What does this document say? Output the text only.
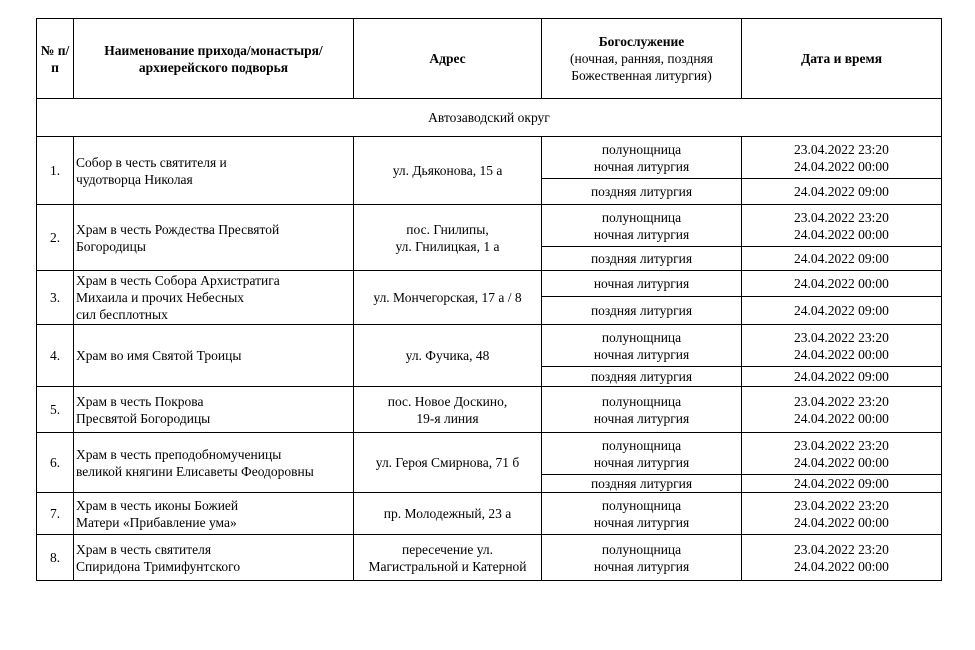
№ п/п	Наименование прихода/монастыря/
архиерейского подворья	Адрес	Богослужение
(ночная, ранняя, поздняя
Божественная литургия)	Дата и время
Автозаводский округ				
1.	Собор в честь святителя и
чудотворца Николая	ул. Дьяконова, 15 а	полунощница
ночная литургия	23.04.2022 23:20
24.04.2022 00:00

			поздняя литургия	24.04.2022 09:00

2.	Храм в честь Рождества Пресвятой
Богородицы	пос. Гнилипы,
ул. Гнилицкая, 1 а	полунощница
ночная литургия	23.04.2022 23:20
24.04.2022 00:00

			поздняя литургия	24.04.2022 09:00

3.	Храм в честь Собора Архистратига
Михаила и прочих Небесных
сил бесплотных	ул. Мончегорская, 17 а / 8	ночная литургия	24.04.2022 00:00

			поздняя литургия	24.04.2022 09:00

4.	Храм во имя Святой Троицы	ул. Фучика, 48	полунощница
ночная литургия	23.04.2022 23:20
24.04.2022 00:00

			поздняя литургия	24.04.2022 09:00

5.	Храм в честь Покрова
Пресвятой Богородицы	пос. Новое Доскино,
19-я линия	полунощница
ночная литургия	23.04.2022 23:20
24.04.2022 00:00

6.	Храм в честь преподобномученицы
великой княгини Елисаветы Феодоровны	ул. Героя Смирнова, 71 б	полунощница
ночная литургия	23.04.2022 23:20
24.04.2022 00:00

			поздняя литургия	24.04.2022 09:00

7.	Храм в честь иконы Божией
Матери «Прибавление ума»	пр. Молодежный, 23 а	полунощница
ночная литургия	23.04.2022 23:20
24.04.2022 00:00

8.	Храм в честь святителя
Спиридона Тримифунтского	пересечение ул.
Магистральной и Катерной	полунощница
ночная литургия	23.04.2022 23:20
24.04.2022 00:00
